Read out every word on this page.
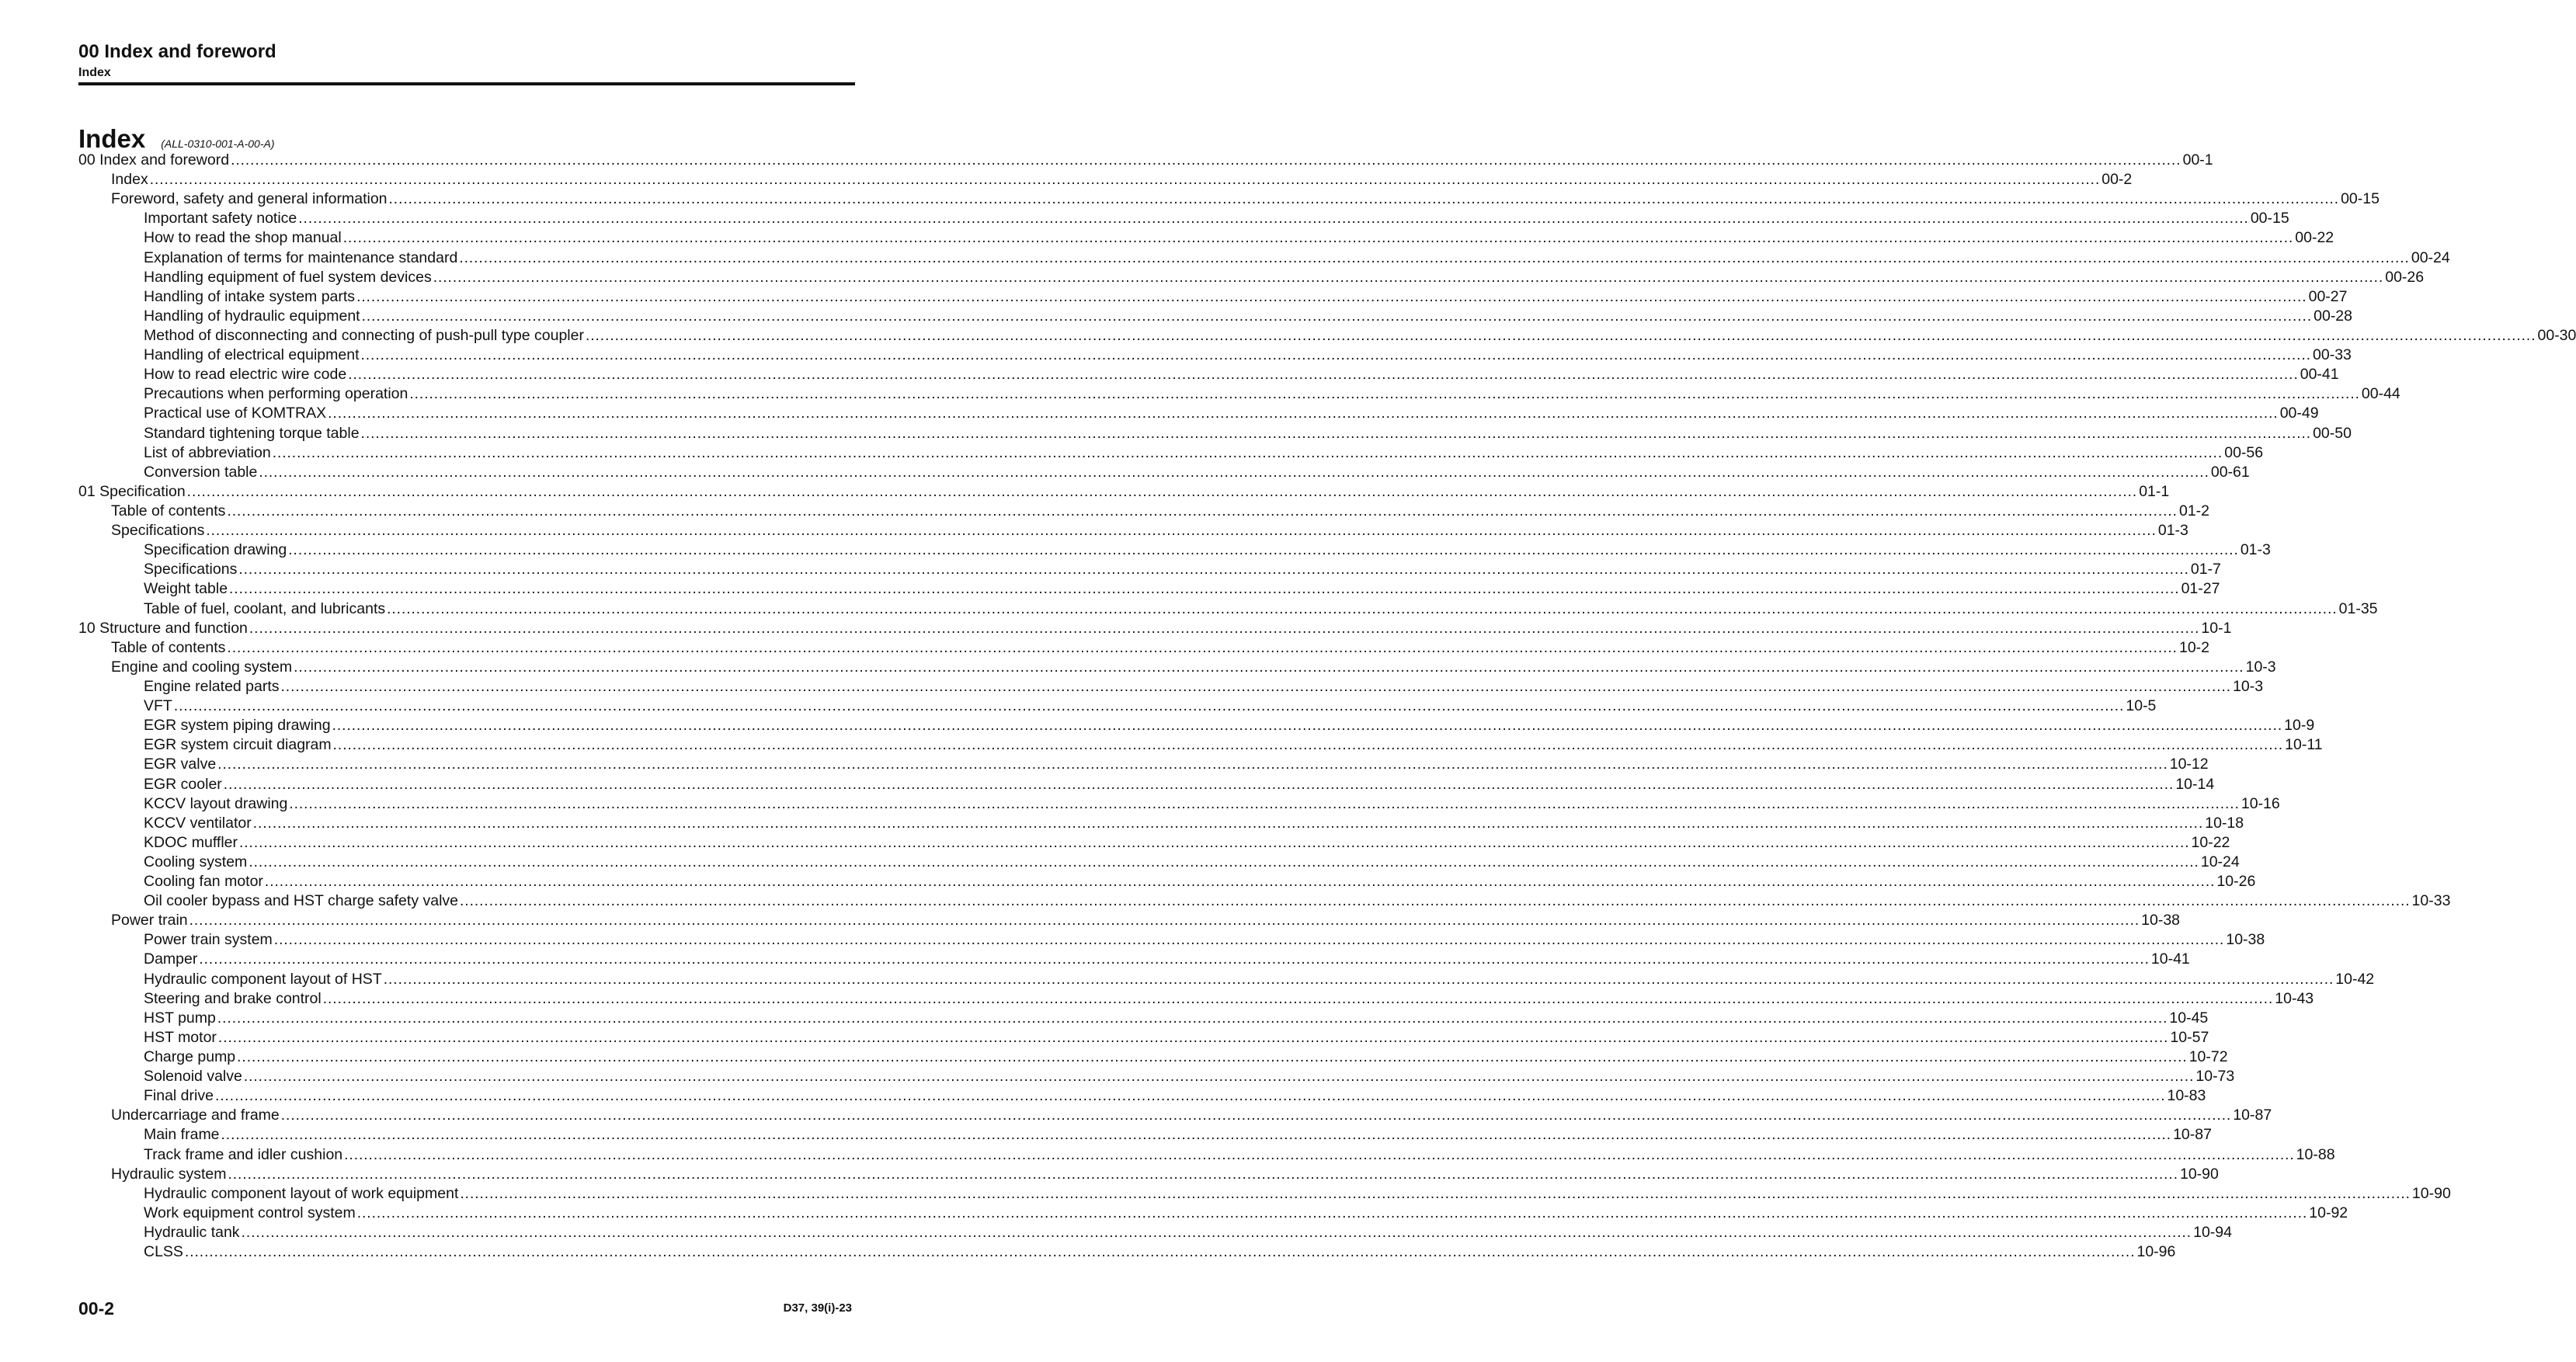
00 Index and foreword
Index
Index (ALL-0310-001-A-00-A)
00 Index and foreword ................................................................................................................................................................................................................................................................................................................................................................................................................ 00-1
Index ................................................................................................................................................................................................................................................................................................................................................................................................................ 00-2
Foreword, safety and general information ................................................................................................................................................................................................................................................................................................................................................................................................................ 00-15
Important safety notice ................................................................................................................................................................................................................................................................................................................................................................................................................ 00-15
How to read the shop manual ................................................................................................................................................................................................................................................................................................................................................................................................................ 00-22
Explanation of terms for maintenance standard ................................................................................................................................................................................................................................................................................................................................................................................................................ 00-24
Handling equipment of fuel system devices ................................................................................................................................................................................................................................................................................................................................................................................................................ 00-26
Handling of intake system parts ................................................................................................................................................................................................................................................................................................................................................................................................................ 00-27
Handling of hydraulic equipment ................................................................................................................................................................................................................................................................................................................................................................................................................ 00-28
Method of disconnecting and connecting of push-pull type coupler ................................................................................................................................................................................................................................................................................................................................................................................................................ 00-30
Handling of electrical equipment ................................................................................................................................................................................................................................................................................................................................................................................................................ 00-33
How to read electric wire code ................................................................................................................................................................................................................................................................................................................................................................................................................ 00-41
Precautions when performing operation ................................................................................................................................................................................................................................................................................................................................................................................................................ 00-44
Practical use of KOMTRAX ................................................................................................................................................................................................................................................................................................................................................................................................................ 00-49
Standard tightening torque table ................................................................................................................................................................................................................................................................................................................................................................................................................ 00-50
List of abbreviation ................................................................................................................................................................................................................................................................................................................................................................................................................ 00-56
Conversion table ................................................................................................................................................................................................................................................................................................................................................................................................................ 00-61
01 Specification ................................................................................................................................................................................................................................................................................................................................................................................................................ 01-1
Table of contents ................................................................................................................................................................................................................................................................................................................................................................................................................ 01-2
Specifications ................................................................................................................................................................................................................................................................................................................................................................................................................ 01-3
Specification drawing ................................................................................................................................................................................................................................................................................................................................................................................................................ 01-3
Specifications ................................................................................................................................................................................................................................................................................................................................................................................................................ 01-7
Weight table ................................................................................................................................................................................................................................................................................................................................................................................................................ 01-27
Table of fuel, coolant, and lubricants ................................................................................................................................................................................................................................................................................................................................................................................................................ 01-35
10 Structure and function ................................................................................................................................................................................................................................................................................................................................................................................................................ 10-1
Table of contents ................................................................................................................................................................................................................................................................................................................................................................................................................ 10-2
Engine and cooling system ................................................................................................................................................................................................................................................................................................................................................................................................................ 10-3
Engine related parts ................................................................................................................................................................................................................................................................................................................................................................................................................ 10-3
VFT ................................................................................................................................................................................................................................................................................................................................................................................................................ 10-5
EGR system piping drawing ................................................................................................................................................................................................................................................................................................................................................................................................................ 10-9
EGR system circuit diagram ................................................................................................................................................................................................................................................................................................................................................................................................................ 10-11
EGR valve ................................................................................................................................................................................................................................................................................................................................................................................................................ 10-12
EGR cooler ................................................................................................................................................................................................................................................................................................................................................................................................................ 10-14
KCCV layout drawing ................................................................................................................................................................................................................................................................................................................................................................................................................ 10-16
KCCV ventilator ................................................................................................................................................................................................................................................................................................................................................................................................................ 10-18
KDOC muffler ................................................................................................................................................................................................................................................................................................................................................................................................................ 10-22
Cooling system ................................................................................................................................................................................................................................................................................................................................................................................................................ 10-24
Cooling fan motor ................................................................................................................................................................................................................................................................................................................................................................................................................ 10-26
Oil cooler bypass and HST charge safety valve ................................................................................................................................................................................................................................................................................................................................................................................................................ 10-33
Power train ................................................................................................................................................................................................................................................................................................................................................................................................................ 10-38
Power train system ................................................................................................................................................................................................................................................................................................................................................................................................................ 10-38
Damper ................................................................................................................................................................................................................................................................................................................................................................................................................ 10-41
Hydraulic component layout of HST ................................................................................................................................................................................................................................................................................................................................................................................................................ 10-42
Steering and brake control ................................................................................................................................................................................................................................................................................................................................................................................................................ 10-43
HST pump ................................................................................................................................................................................................................................................................................................................................................................................................................ 10-45
HST motor ................................................................................................................................................................................................................................................................................................................................................................................................................ 10-57
Charge pump ................................................................................................................................................................................................................................................................................................................................................................................................................ 10-72
Solenoid valve ................................................................................................................................................................................................................................................................................................................................................................................................................ 10-73
Final drive ................................................................................................................................................................................................................................................................................................................................................................................................................ 10-83
Undercarriage and frame ................................................................................................................................................................................................................................................................................................................................................................................................................ 10-87
Main frame ................................................................................................................................................................................................................................................................................................................................................................................................................ 10-87
Track frame and idler cushion ................................................................................................................................................................................................................................................................................................................................................................................................................ 10-88
Hydraulic system ................................................................................................................................................................................................................................................................................................................................................................................................................ 10-90
Hydraulic component layout of work equipment ................................................................................................................................................................................................................................................................................................................................................................................................................ 10-90
Work equipment control system ................................................................................................................................................................................................................................................................................................................................................................................................................ 10-92
Hydraulic tank ................................................................................................................................................................................................................................................................................................................................................................................................................ 10-94
CLSS ................................................................................................................................................................................................................................................................................................................................................................................................................ 10-96
00-2	D37, 39(i)-23
